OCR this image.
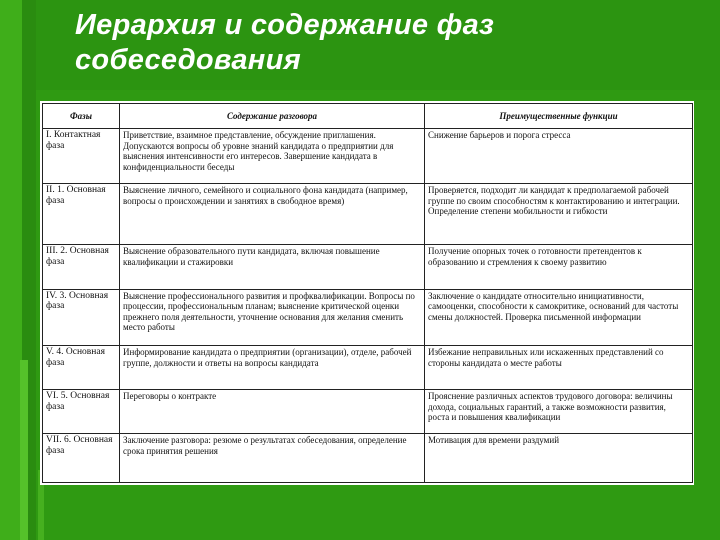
Иерархия и содержание фаз собеседования
Фазы	Содержание разговора	Преимущественные функции
I. Контактная фаза	Приветствие, взаимное представление, обсуждение приглашения. Допускаются вопросы об уровне знаний кандидата о предприятии для выяснения интенсивности его интересов. Завершение кандидата в конфиденциальности беседы	Снижение барьеров и порога стресса
II. 1. Основная фаза	Выяснение личного, семейного и социального фона кандидата (например, вопросы о происхождении и занятиях в свободное время)	Проверяется, подходит ли кандидат к предполагаемой рабочей группе по своим способностям к контактированию и интеграции. Определение степени мобильности и гибкости
III. 2. Основная фаза	Выяснение образовательного пути кандидата, включая повышение квалификации и стажировки	Получение опорных точек о готовности претендентов к образованию и стремления к своему развитию
IV. 3. Основная фаза	Выяснение профессионального развития и профквалификации. Вопросы по процессии, профессиональным планам; выяснение критической оценки прежнего поля деятельности, уточнение основания для желания сменить место работы	Заключение о кандидате относительно инициативности, самооценки, способности к самокритике, оснований для частоты смены должностей. Проверка письменной информации
V. 4. Основная фаза	Информирование кандидата о предприятии (организации), отделе, рабочей группе, должности и ответы на вопросы кандидата	Избежание неправильных или искаженных представлений со стороны кандидата о месте работы
VI. 5. Основная фаза	Переговоры о контракте	Прояснение различных аспектов трудового договора: величины дохода, социальных гарантий, а также возможности развития, роста и повышения квалификации
VII. 6. Основная фаза	Заключение разговора: резюме о результатах собеседования, определение срока принятия решения	Мотивация для времени раздумий
